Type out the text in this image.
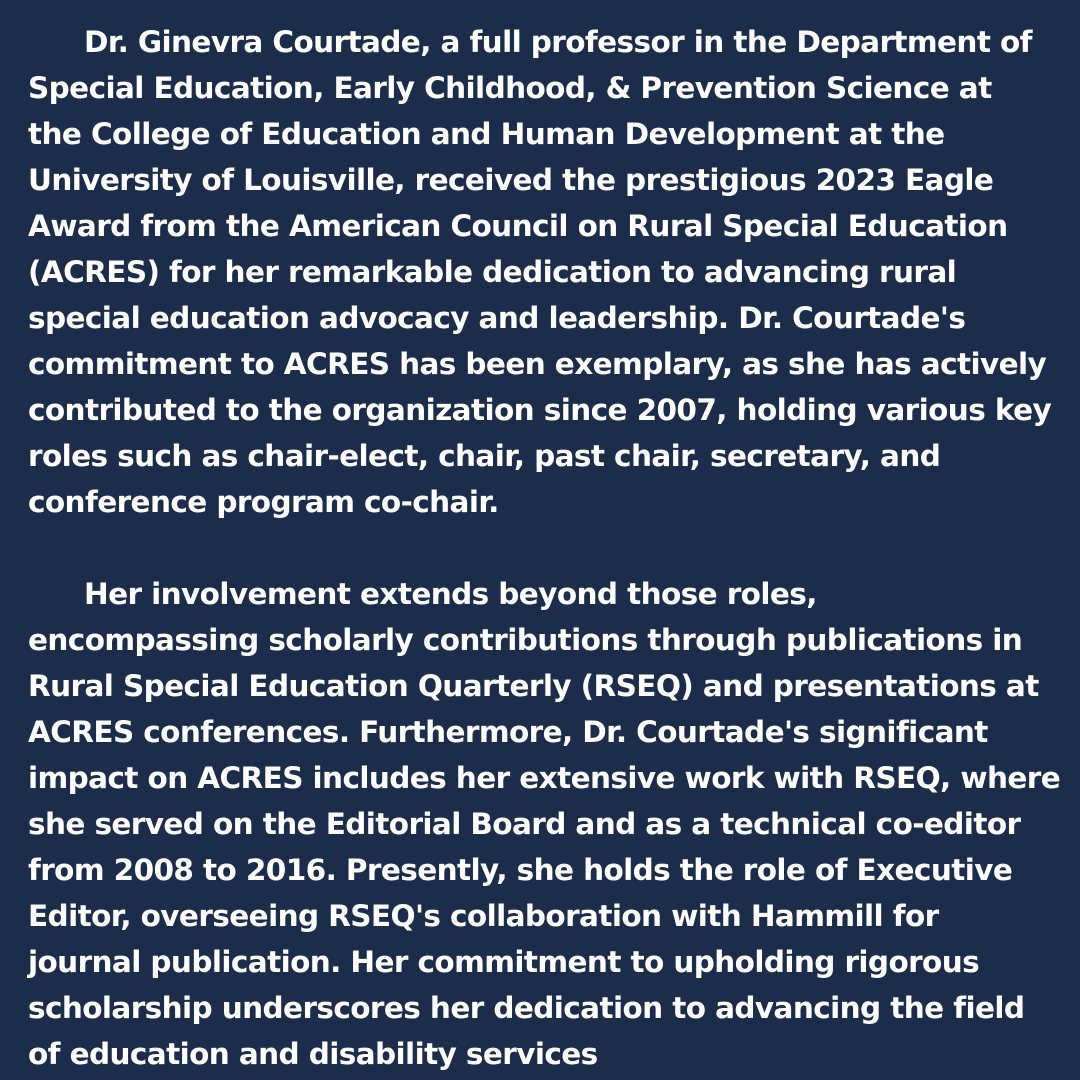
Dr. Ginevra Courtade, a full professor in the Department of
Special Education, Early Childhood, & Prevention Science at
the College of Education and Human Development at the
University of Louisville, received the prestigious 2023 Eagle
Award from the American Council on Rural Special Education
(ACRES) for her remarkable dedication to advancing rural
special education advocacy and leadership. Dr. Courtade's
commitment to ACRES has been exemplary, as she has actively
contributed to the organization since 2007, holding various key
roles such as chair-elect, chair, past chair, secretary, and
conference program co-chair.
Her involvement extends beyond those roles,
encompassing scholarly contributions through publications in
Rural Special Education Quarterly (RSEQ) and presentations at
ACRES conferences. Furthermore, Dr. Courtade's significant
impact on ACRES includes her extensive work with RSEQ, where
she served on the Editorial Board and as a technical co-editor
from 2008 to 2016. Presently, she holds the role of Executive
Editor, overseeing RSEQ's collaboration with Hammill for
journal publication. Her commitment to upholding rigorous
scholarship underscores her dedication to advancing the field
of education and disability services
